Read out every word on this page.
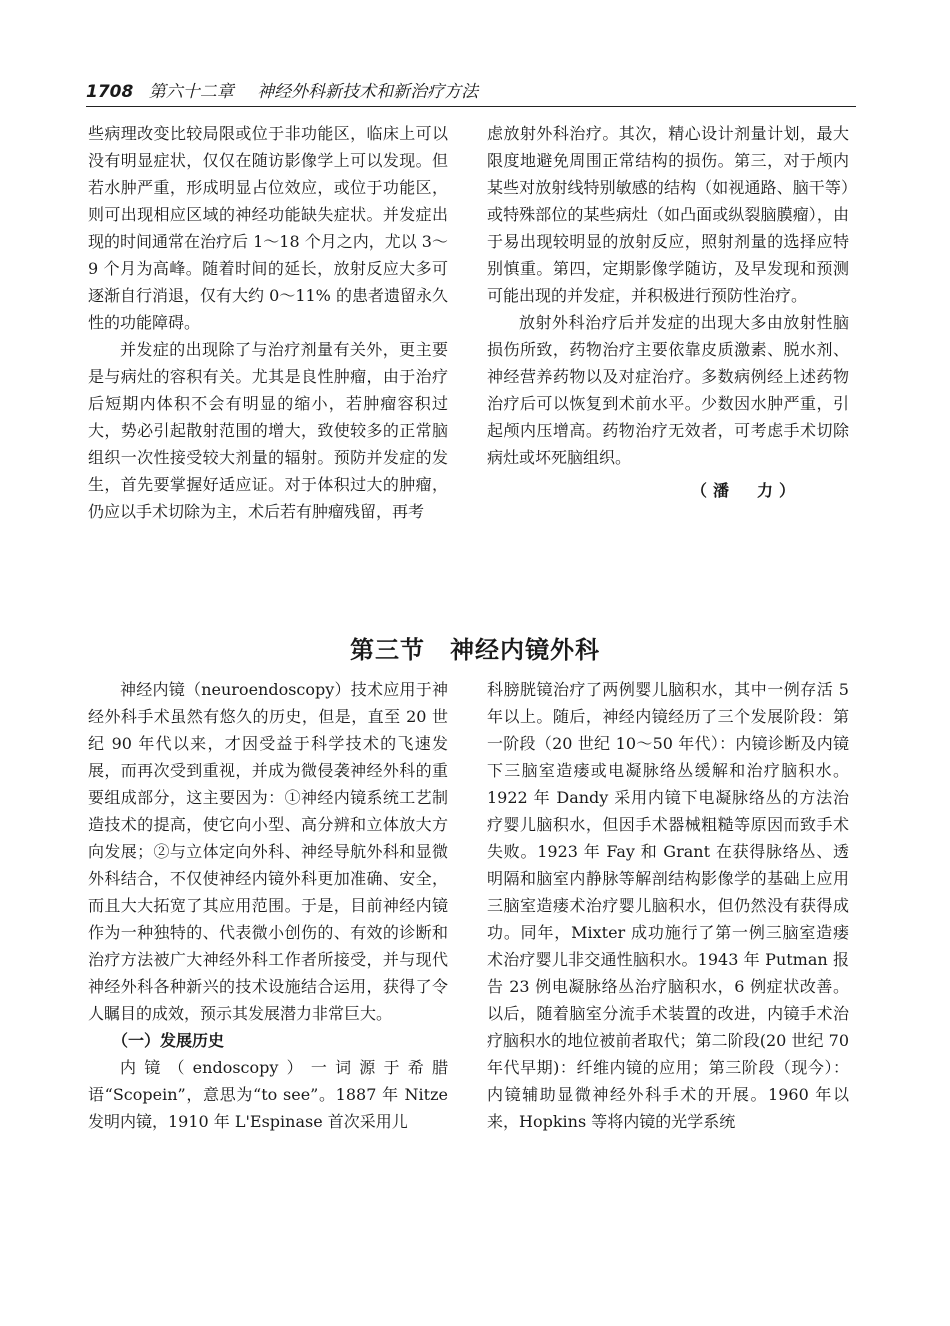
1708 第六十二章 神经外科新技术和新治疗方法

些病理改变比较局限或位于非功能区，临床上可以没有明显症状，仅仅在随访影像学上可以发现。但若水肿严重，形成明显占位效应，或位于功能区，则可出现相应区域的神经功能缺失症状。并发症出现的时间通常在治疗后 1～18 个月之内，尤以 3～9 个月为高峰。随着时间的延长，放射反应大多可逐渐自行消退，仅有大约 0～11% 的患者遗留永久性的功能障碍。

并发症的出现除了与治疗剂量有关外，更主要是与病灶的容积有关。尤其是良性肿瘤，由于治疗后短期内体积不会有明显的缩小，若肿瘤容积过大，势必引起散射范围的增大，致使较多的正常脑组织一次性接受较大剂量的辐射。预防并发症的发生，首先要掌握好适应证。对于体积过大的肿瘤，仍应以手术切除为主，术后若有肿瘤残留，再考

虑放射外科治疗。其次，精心设计剂量计划，最大限度地避免周围正常结构的损伤。第三，对于颅内某些对放射线特别敏感的结构（如视通路、脑干等）或特殊部位的某些病灶（如凸面或纵裂脑膜瘤），由于易出现较明显的放射反应，照射剂量的选择应特别慎重。第四，定期影像学随访，及早发现和预测可能出现的并发症，并积极进行预防性治疗。

放射外科治疗后并发症的出现大多由放射性脑损伤所致，药物治疗主要依靠皮质激素、脱水剂、神经营养药物以及对症治疗。多数病例经上述药物治疗后可以恢复到术前水平。少数因水肿严重，引起颅内压增高。药物治疗无效者，可考虑手术切除病灶或坏死脑组织。

（潘　力）
第三节　神经内镜外科

神经内镜（neuroendoscopy）技术应用于神经外科手术虽然有悠久的历史，但是，直至 20 世纪 90 年代以来，才因受益于科学技术的飞速发展，而再次受到重视，并成为微侵袭神经外科的重要组成部分，这主要因为：①神经内镜系统工艺制造技术的提高，使它向小型、高分辨和立体放大方向发展；②与立体定向外科、神经导航外科和显微外科结合，不仅使神经内镜外科更加准确、安全，而且大大拓宽了其应用范围。于是，目前神经内镜作为一种独特的、代表微小创伤的、有效的诊断和治疗方法被广大神经外科工作者所接受，并与现代神经外科各种新兴的技术设施结合运用，获得了令人瞩目的成效，预示其发展潜力非常巨大。

（一）发展历史

内镜（endoscopy）一词源于希腊语“Scopein”，意思为“to see”。1887 年 Nitze 发明内镜，1910 年 L'Espinase 首次采用儿

科膀胱镜治疗了两例婴儿脑积水，其中一例存活 5 年以上。随后，神经内镜经历了三个发展阶段：第一阶段（20 世纪 10～50 年代）：内镜诊断及内镜下三脑室造瘘或电凝脉络丛缓解和治疗脑积水。1922 年 Dandy 采用内镜下电凝脉络丛的方法治疗婴儿脑积水，但因手术器械粗糙等原因而致手术失败。1923 年 Fay 和 Grant 在获得脉络丛、透明隔和脑室内静脉等解剖结构影像学的基础上应用三脑室造瘘术治疗婴儿脑积水，但仍然没有获得成功。同年，Mixter 成功施行了第一例三脑室造瘘术治疗婴儿非交通性脑积水。1943 年 Putman 报告 23 例电凝脉络丛治疗脑积水，6 例症状改善。以后，随着脑室分流手术装置的改进，内镜手术治疗脑积水的地位被前者取代；第二阶段(20 世纪 70 年代早期)：纤维内镜的应用；第三阶段（现今）：内镜辅助显微神经外科手术的开展。1960 年以来，Hopkins 等将内镜的光学系统
